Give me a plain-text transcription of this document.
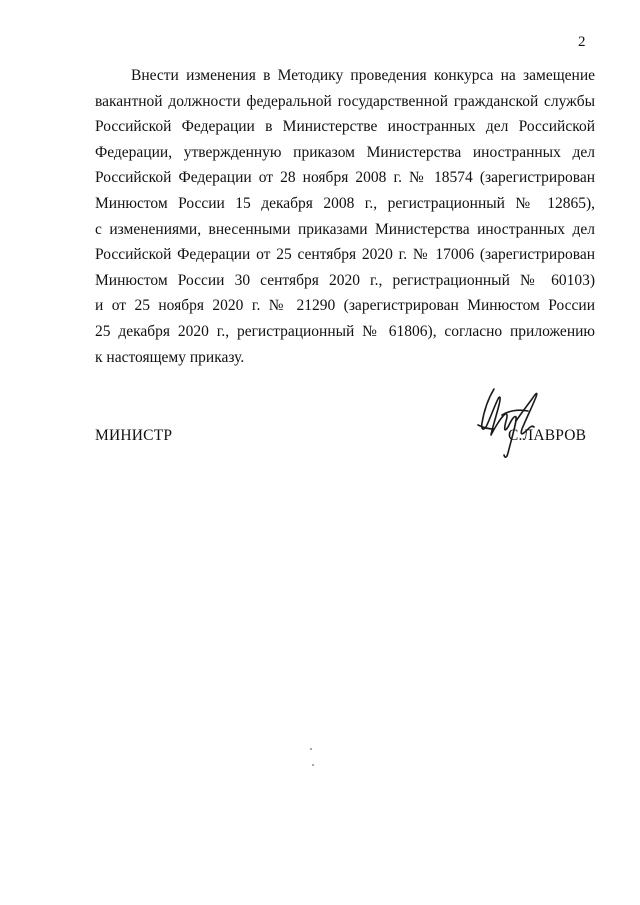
2
Внести изменения в Методику проведения конкурса на замещение
вакантной должности федеральной государственной гражданской службы
Российской Федерации в Министерстве иностранных дел Российской
Федерации, утвержденную приказом Министерства иностранных дел
Российской Федерации от 28 ноября 2008 г. № 18574 (зарегистрирован
Минюстом России 15 декабря 2008 г., регистрационный № 12865),
с изменениями, внесенными приказами Министерства иностранных дел
Российской Федерации от 25 сентября 2020 г. № 17006 (зарегистрирован
Минюстом России 30 сентября 2020 г., регистрационный № 60103)
и от 25 ноября 2020 г. № 21290 (зарегистрирован Минюстом России
25 декабря 2020 г., регистрационный № 61806), согласно приложению
к настоящему приказу.
МИНИСТР	С.ЛАВРОВ
